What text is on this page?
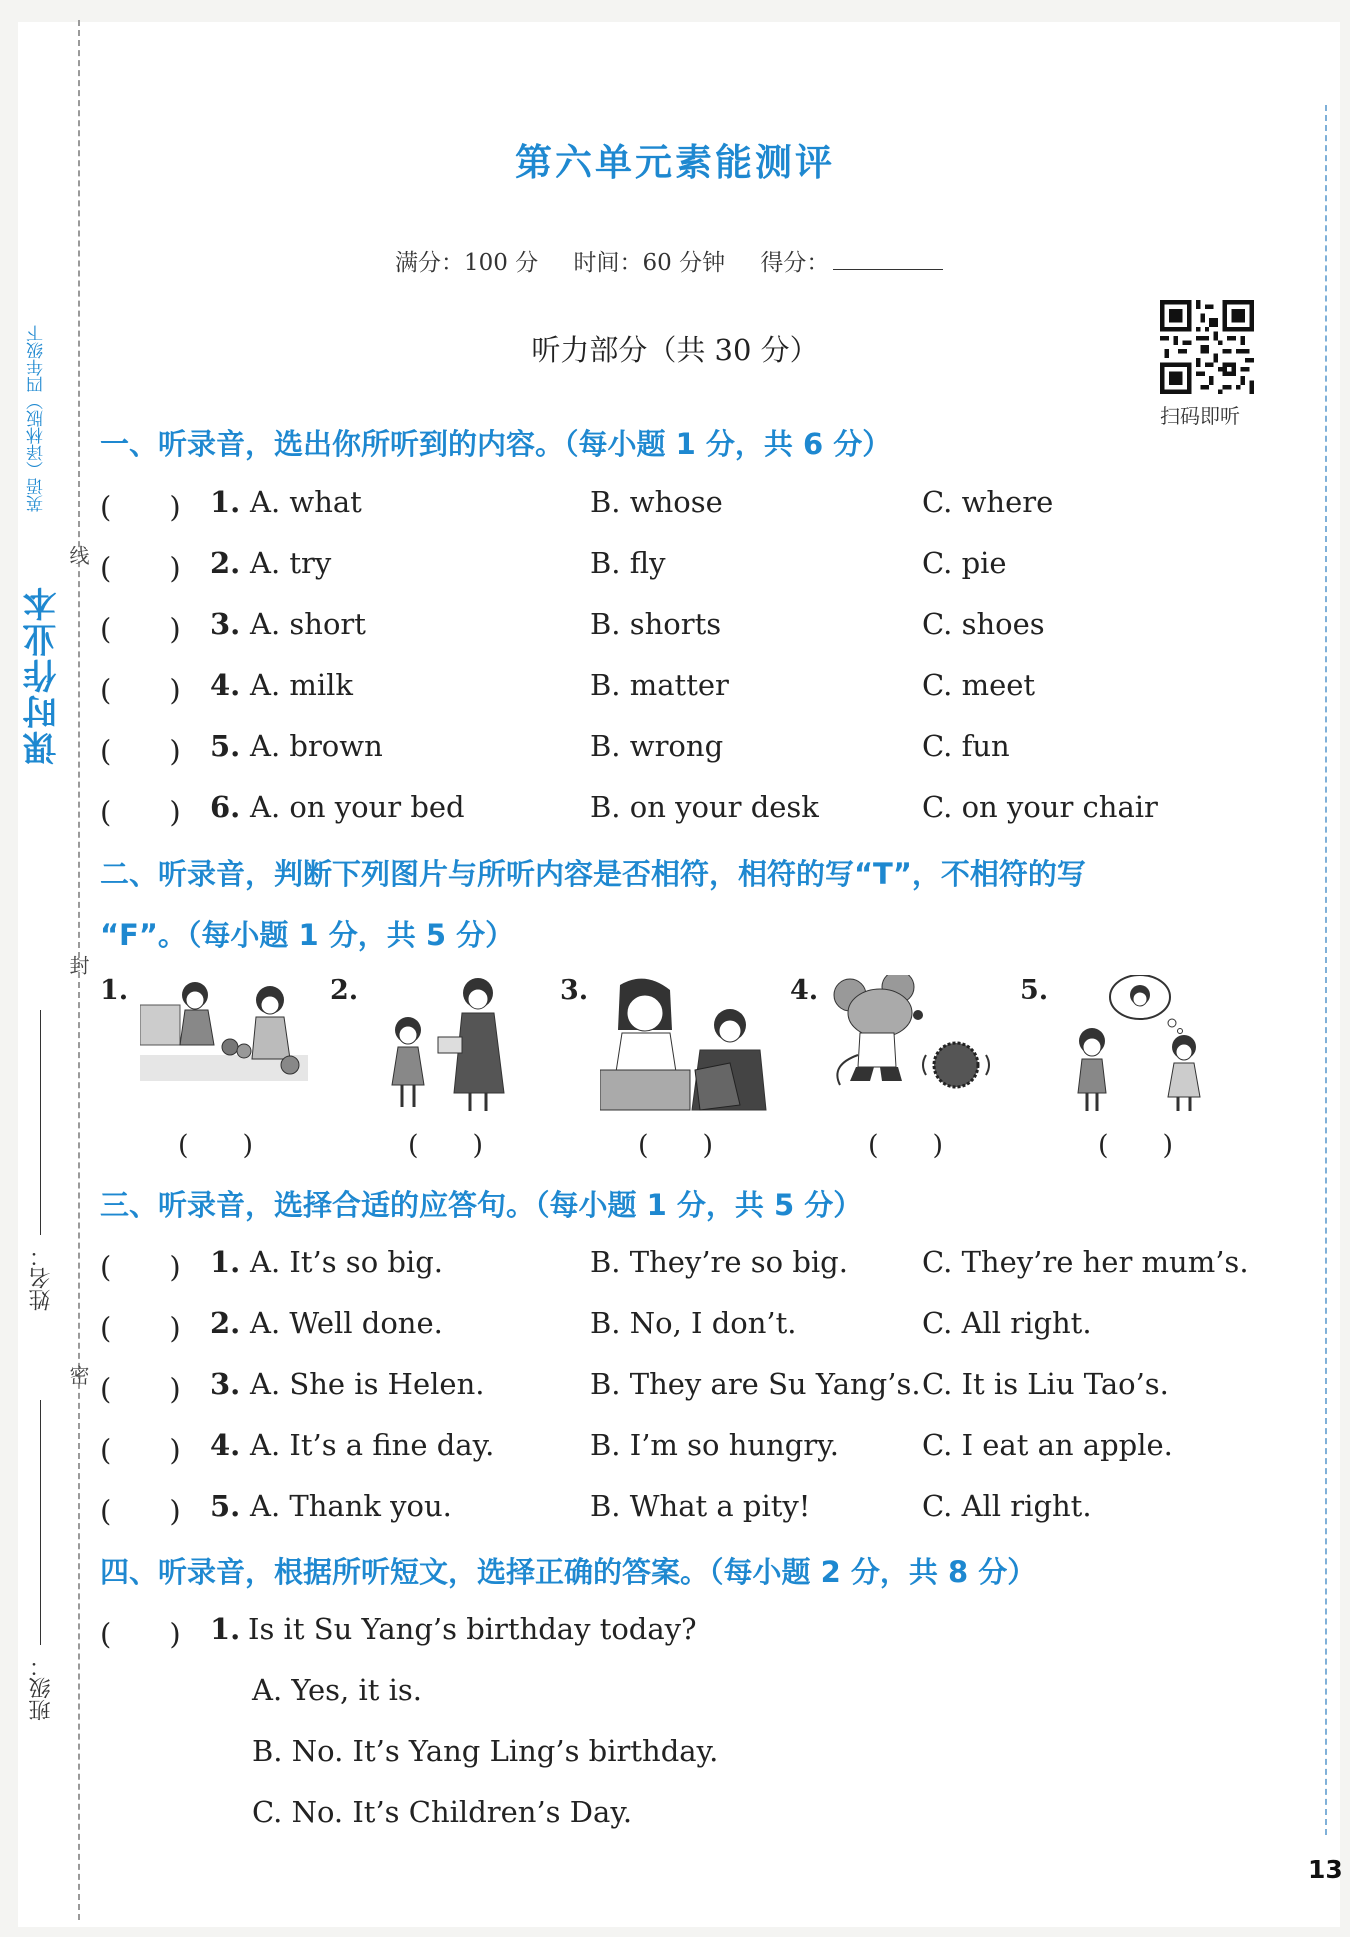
课时作业本
英语（译林版）四年级下
线
封
密
姓名：
班级：
第六单元素能测评
满分：100 分 时间：60 分钟 得分：
听力部分（共 30 分）
扫码即听
一、听录音，选出你所听到的内容。（每小题 1 分，共 6 分）
(　　) 1. A. what	B. whose	C. where
(　　) 2. A. try	B. fly	C. pie
(　　) 3. A. short	B. shorts	C. shoes
(　　) 4. A. milk	B. matter	C. meet
(　　) 5. A. brown	B. wrong	C. fun
(　　) 6. A. on your bed	B. on your desk	C. on your chair
二、听录音，判断下列图片与所听内容是否相符，相符的写“T”，不相符的写
“F”。（每小题 1 分，共 5 分）
1.
(　　)
2.
(　　)
3.
(　　)
4.
(　　)
5.
(　　)
三、听录音，选择合适的应答句。（每小题 1 分，共 5 分）
(　　) 1. A. It’s so big.	B. They’re so big.	C. They’re her mum’s.
(　　) 2. A. Well done.	B. No, I don’t.	C. All right.
(　　) 3. A. She is Helen.	B. They are Su Yang’s. C. It is Liu Tao’s.
(　　) 4. A. It’s a fine day.	B. I’m so hungry.	C. I eat an apple.
(　　) 5. A. Thank you.	B. What a pity!	C. All right.
四、听录音，根据所听短文，选择正确的答案。（每小题 2 分，共 8 分）
(　　) 1. Is it Su Yang’s birthday today?
A. Yes, it is.
B. No. It’s Yang Ling’s birthday.
C. No. It’s Children’s Day.
13
